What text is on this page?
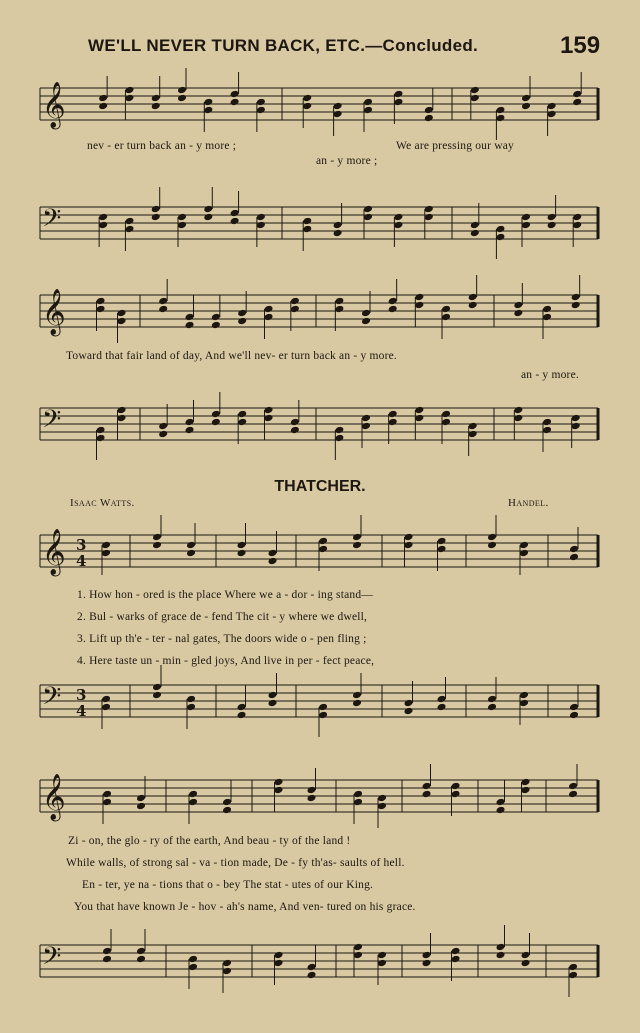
WE'LL NEVER TURN BACK, ETC.—Concluded.	159
𝄞
nev - er turn back an - y more ;	We are pressing our way
an - y more ;
𝄢
𝄞
Toward that fair land of day, And we'll nev- er turn back an - y more.
an - y more.
𝄢
THATCHER.
Isaac Watts.	Handel.
𝄞 3
4
1. How hon - ored is the place Where we a - dor - ing stand—
2. Bul - warks of grace de - fend The cit - y where we dwell,
3. Lift up th'e - ter - nal gates, The doors wide o - pen fling ;
4. Here taste un - min - gled joys, And live in per - fect peace,
𝄢 3
4
𝄞
Zi - on, the glo - ry of the earth, And beau - ty of the land !
While walls, of strong sal - va - tion made, De - fy th'as- saults of hell.
En - ter, ye na - tions that o - bey The stat - utes of our King.
You that have known Je - hov - ah's name, And ven- tured on his grace.
𝄢
